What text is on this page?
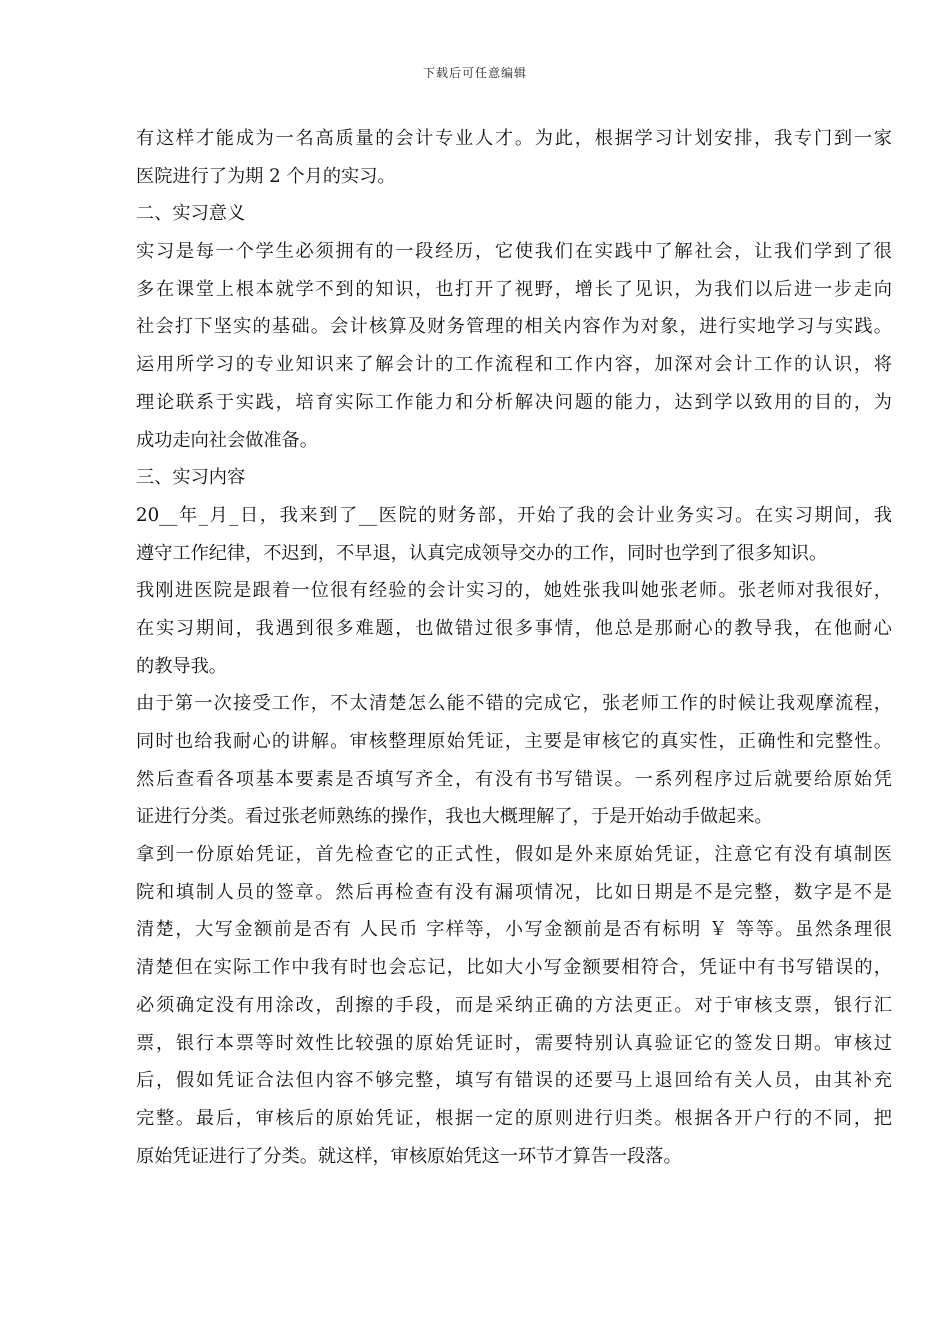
下载后可任意编辑
有这样才能成为一名高质量的会计专业人才。为此，根据学习计划安排，我专门到一家
医院进行了为期 2 个月的实习。
二、实习意义
实习是每一个学生必须拥有的一段经历，它使我们在实践中了解社会，让我们学到了很
多在课堂上根本就学不到的知识，也打开了视野，增长了见识，为我们以后进一步走向
社会打下坚实的基础。会计核算及财务管理的相关内容作为对象，进行实地学习与实践。
运用所学习的专业知识来了解会计的工作流程和工作内容，加深对会计工作的认识，将
理论联系于实践，培育实际工作能力和分析解决问题的能力，达到学以致用的目的，为
成功走向社会做准备。
三、实习内容
20__年_月_日，我来到了__医院的财务部，开始了我的会计业务实习。在实习期间，我
遵守工作纪律，不迟到，不早退，认真完成领导交办的工作，同时也学到了很多知识。
我刚进医院是跟着一位很有经验的会计实习的，她姓张我叫她张老师。张老师对我很好，
在实习期间，我遇到很多难题，也做错过很多事情，他总是那耐心的教导我，在他耐心
的教导我。
由于第一次接受工作，不太清楚怎么能不错的完成它，张老师工作的时候让我观摩流程，
同时也给我耐心的讲解。审核整理原始凭证，主要是审核它的真实性，正确性和完整性。
然后查看各项基本要素是否填写齐全，有没有书写错误。一系列程序过后就要给原始凭
证进行分类。看过张老师熟练的操作，我也大概理解了，于是开始动手做起来。
拿到一份原始凭证，首先检查它的正式性，假如是外来原始凭证，注意它有没有填制医
院和填制人员的签章。然后再检查有没有漏项情况，比如日期是不是完整，数字是不是
清楚，大写金额前是否有 人民币 字样等，小写金额前是否有标明 ￥ 等等。虽然条理很
清楚但在实际工作中我有时也会忘记，比如大小写金额要相符合，凭证中有书写错误的，
必须确定没有用涂改，刮擦的手段，而是采纳正确的方法更正。对于审核支票，银行汇
票，银行本票等时效性比较强的原始凭证时，需要特别认真验证它的签发日期。审核过
后，假如凭证合法但内容不够完整，填写有错误的还要马上退回给有关人员，由其补充
完整。最后，审核后的原始凭证，根据一定的原则进行归类。根据各开户行的不同，把
原始凭证进行了分类。就这样，审核原始凭这一环节才算告一段落。
